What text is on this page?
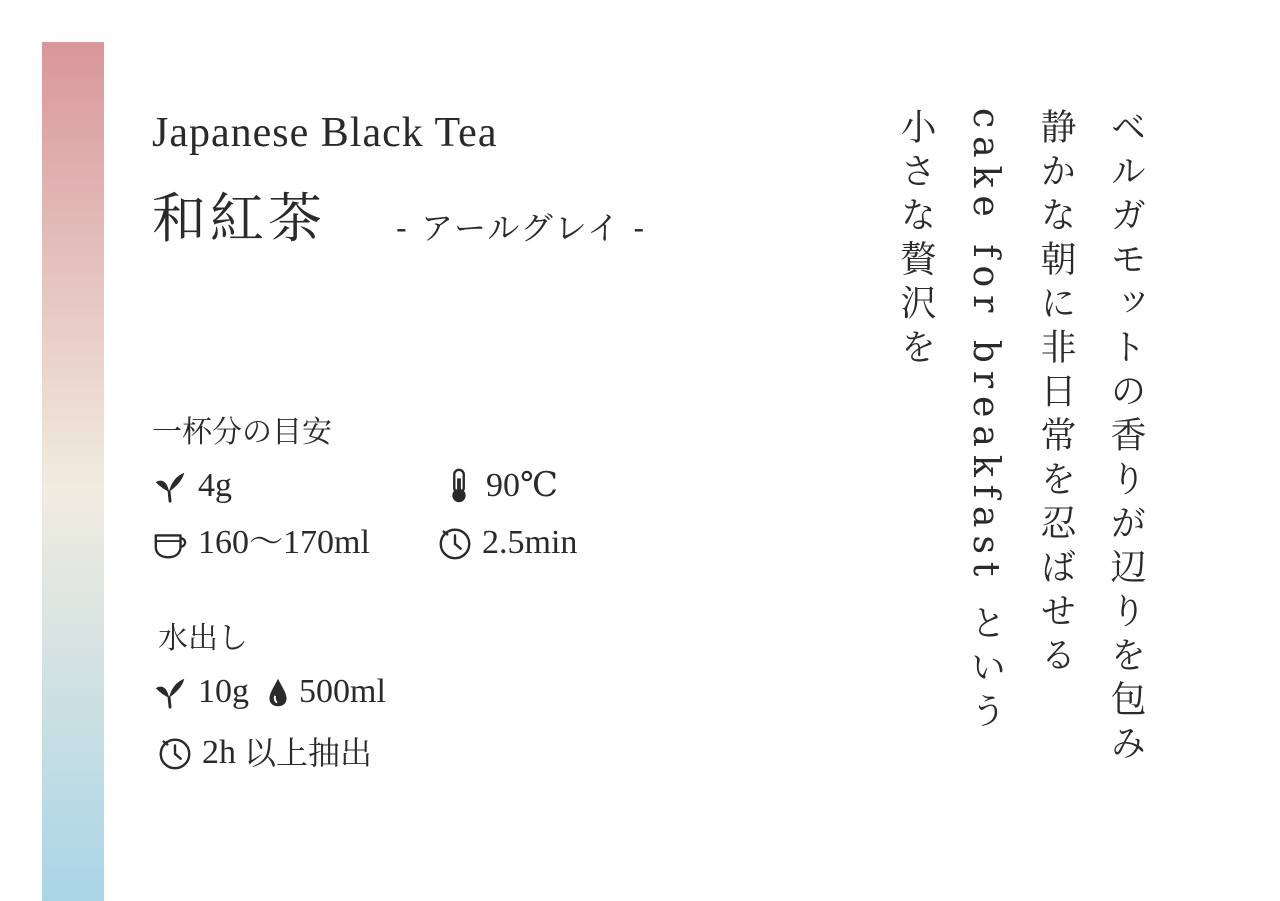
Japanese Black Tea
和紅茶 - アールグレイ -
一杯分の目安
4g	90℃
160～170ml	2.5min
水出し
10g 500ml
2h 以上抽出	ベルガモットの香りが辺りを包み
静かな朝に非日常を忍ばせる
cake for breakfast という
小さな贅沢を
